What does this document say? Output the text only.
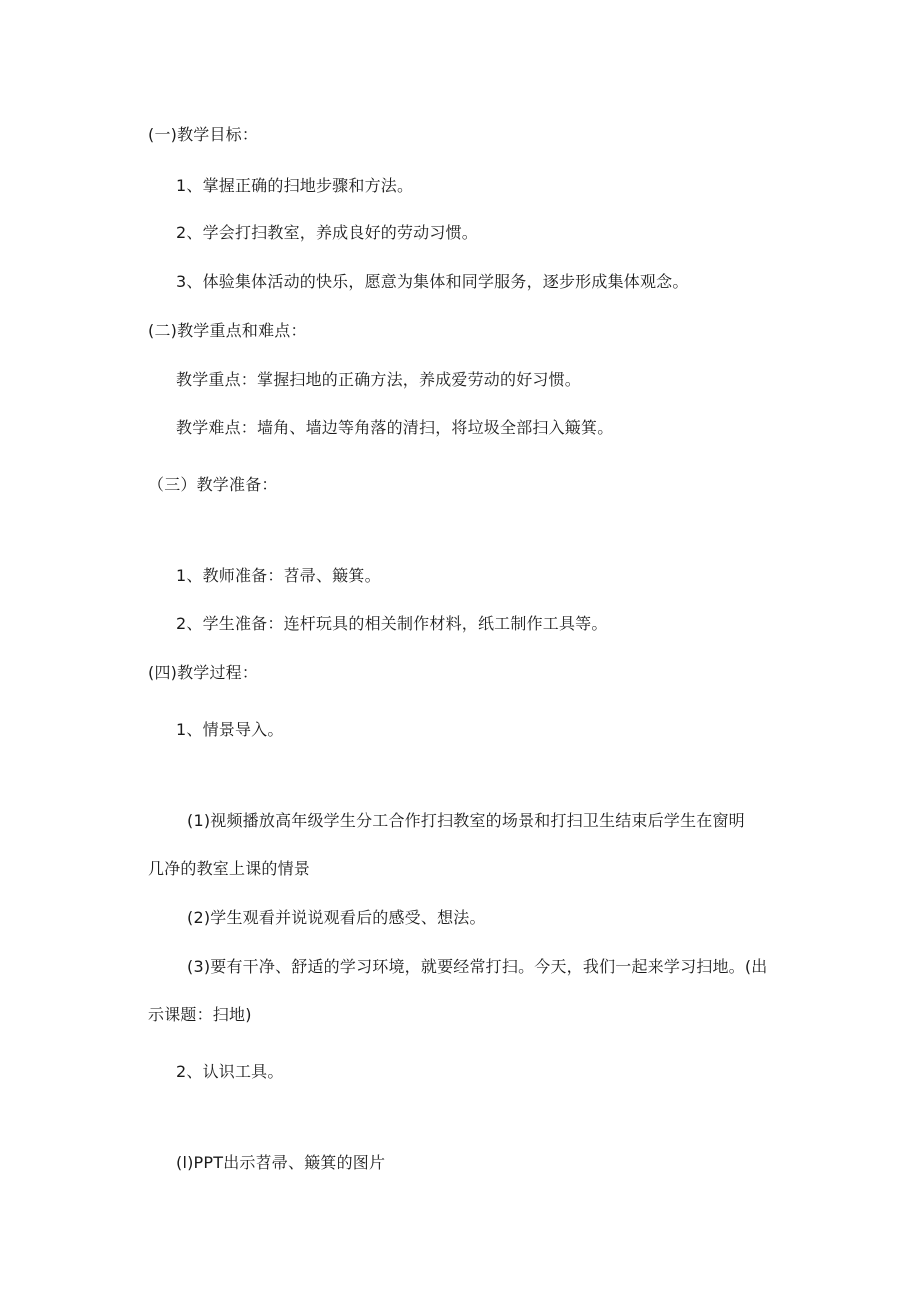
(一)教学目标：
1、掌握正确的扫地步骤和方法。
2、学会打扫教室，养成良好的劳动习惯。
3、体验集体活动的快乐，愿意为集体和同学服务，逐步形成集体观念。
(二)教学重点和难点：
教学重点：掌握扫地的正确方法，养成爱劳动的好习惯。
教学难点：墙角、墙边等角落的清扫，将垃圾全部扫入簸箕。
（三）教学准备：
1、教师准备：苕帚、簸箕。
2、学生准备：连杆玩具的相关制作材料，纸工制作工具等。
(四)教学过程：
1、情景导入。
(1)视频播放高年级学生分工合作打扫教室的场景和打扫卫生结束后学生在窗明
几净的教室上课的情景
(2)学生观看并说说观看后的感受、想法。
(3)要有干净、舒适的学习环境，就要经常打扫。今天，我们一起来学习扫地。(出
示课题：扫地)
2、认识工具。
(l)PPT出示苕帚、簸箕的图片
